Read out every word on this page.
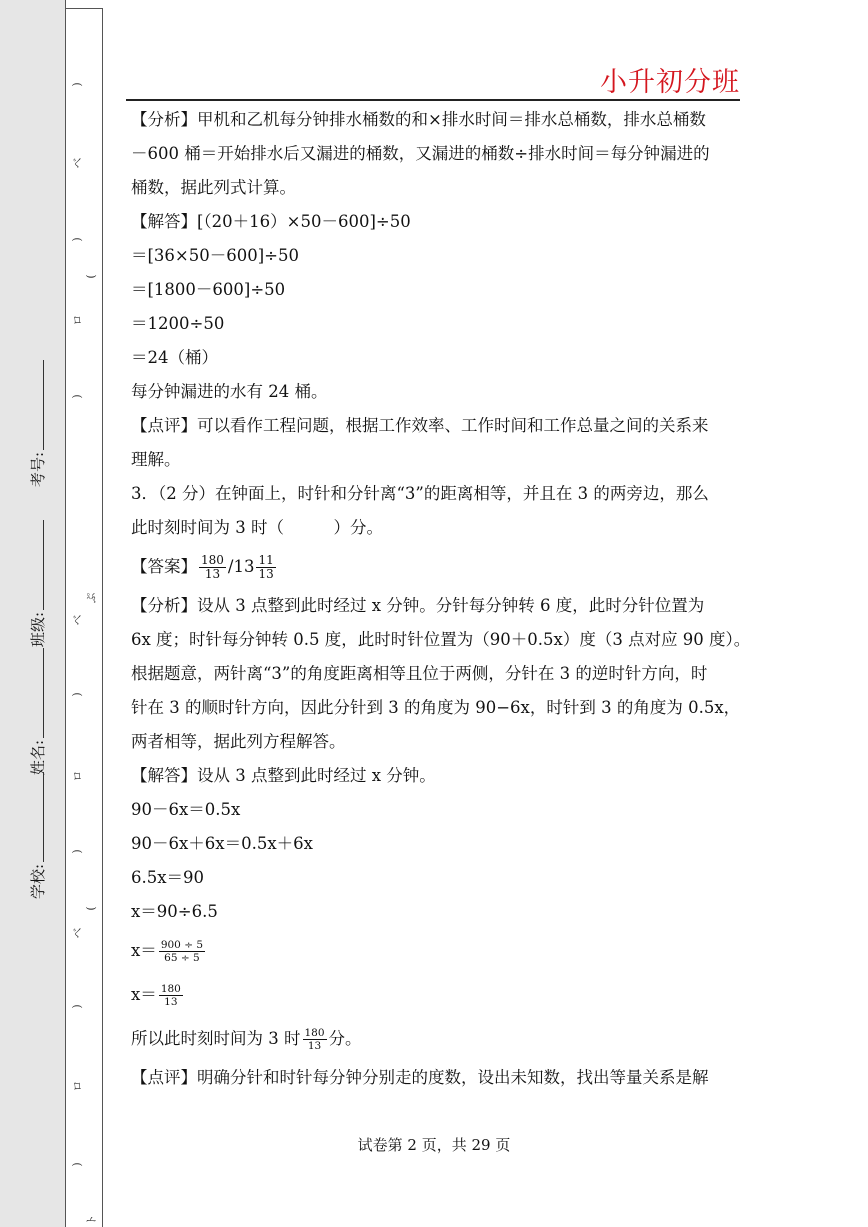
)
ベ
)
(
ロ
)
ぷ
ベ
)
ロ
)
(
ベ
)
ロ
)
ト
考号:
班级:
姓名:
学校:
小升初分班
【分析】甲机和乙机每分钟排水桶数的和×排水时间＝排水总桶数，排水总桶数
－600 桶＝开始排水后又漏进的桶数，又漏进的桶数÷排水时间＝每分钟漏进的
桶数，据此列式计算。
【解答】[（20＋16）×50－600]÷50
＝[36×50－600]÷50
＝[1800－600]÷50
＝1200÷50
＝24（桶）
每分钟漏进的水有 24 桶。
【点评】可以看作工程问题，根据工作效率、工作时间和工作总量之间的关系来
理解。
3．（2 分）在钟面上，时针和分针离“3”的距离相等，并且在 3 的两旁边，那么
此时刻时间为 3 时（　　　）分。
【答案】 $\frac{180}{13} /13 \frac{11}{13}$
【分析】设从 3 点整到此时经过 x 分钟。分针每分钟转 6 度，此时分针位置为
6x 度；时针每分钟转 0.5 度，此时时针位置为（90＋0.5x）度（3 点对应 90 度）。
根据题意，两针离“3”的角度距离相等且位于两侧，分针在 3 的逆时针方向，时
针在 3 的顺时针方向，因此分针到 3 的角度为 90−6x，时针到 3 的角度为 0.5x，
两者相等，据此列方程解答。
【解答】设从 3 点整到此时经过 x 分钟。
90－6x＝0.5x
90－6x＋6x＝0.5x＋6x
6.5x＝90
x＝90÷6.5
$x= \frac{900 \div 5}{65 \div 5}$
$x= \frac{180}{13}$
所以此时刻时间为 3 时 $\frac{180}{13}$ 分。
【点评】明确分针和时针每分钟分别走的度数，设出未知数，找出等量关系是解
试卷第 2 页，共 29 页
